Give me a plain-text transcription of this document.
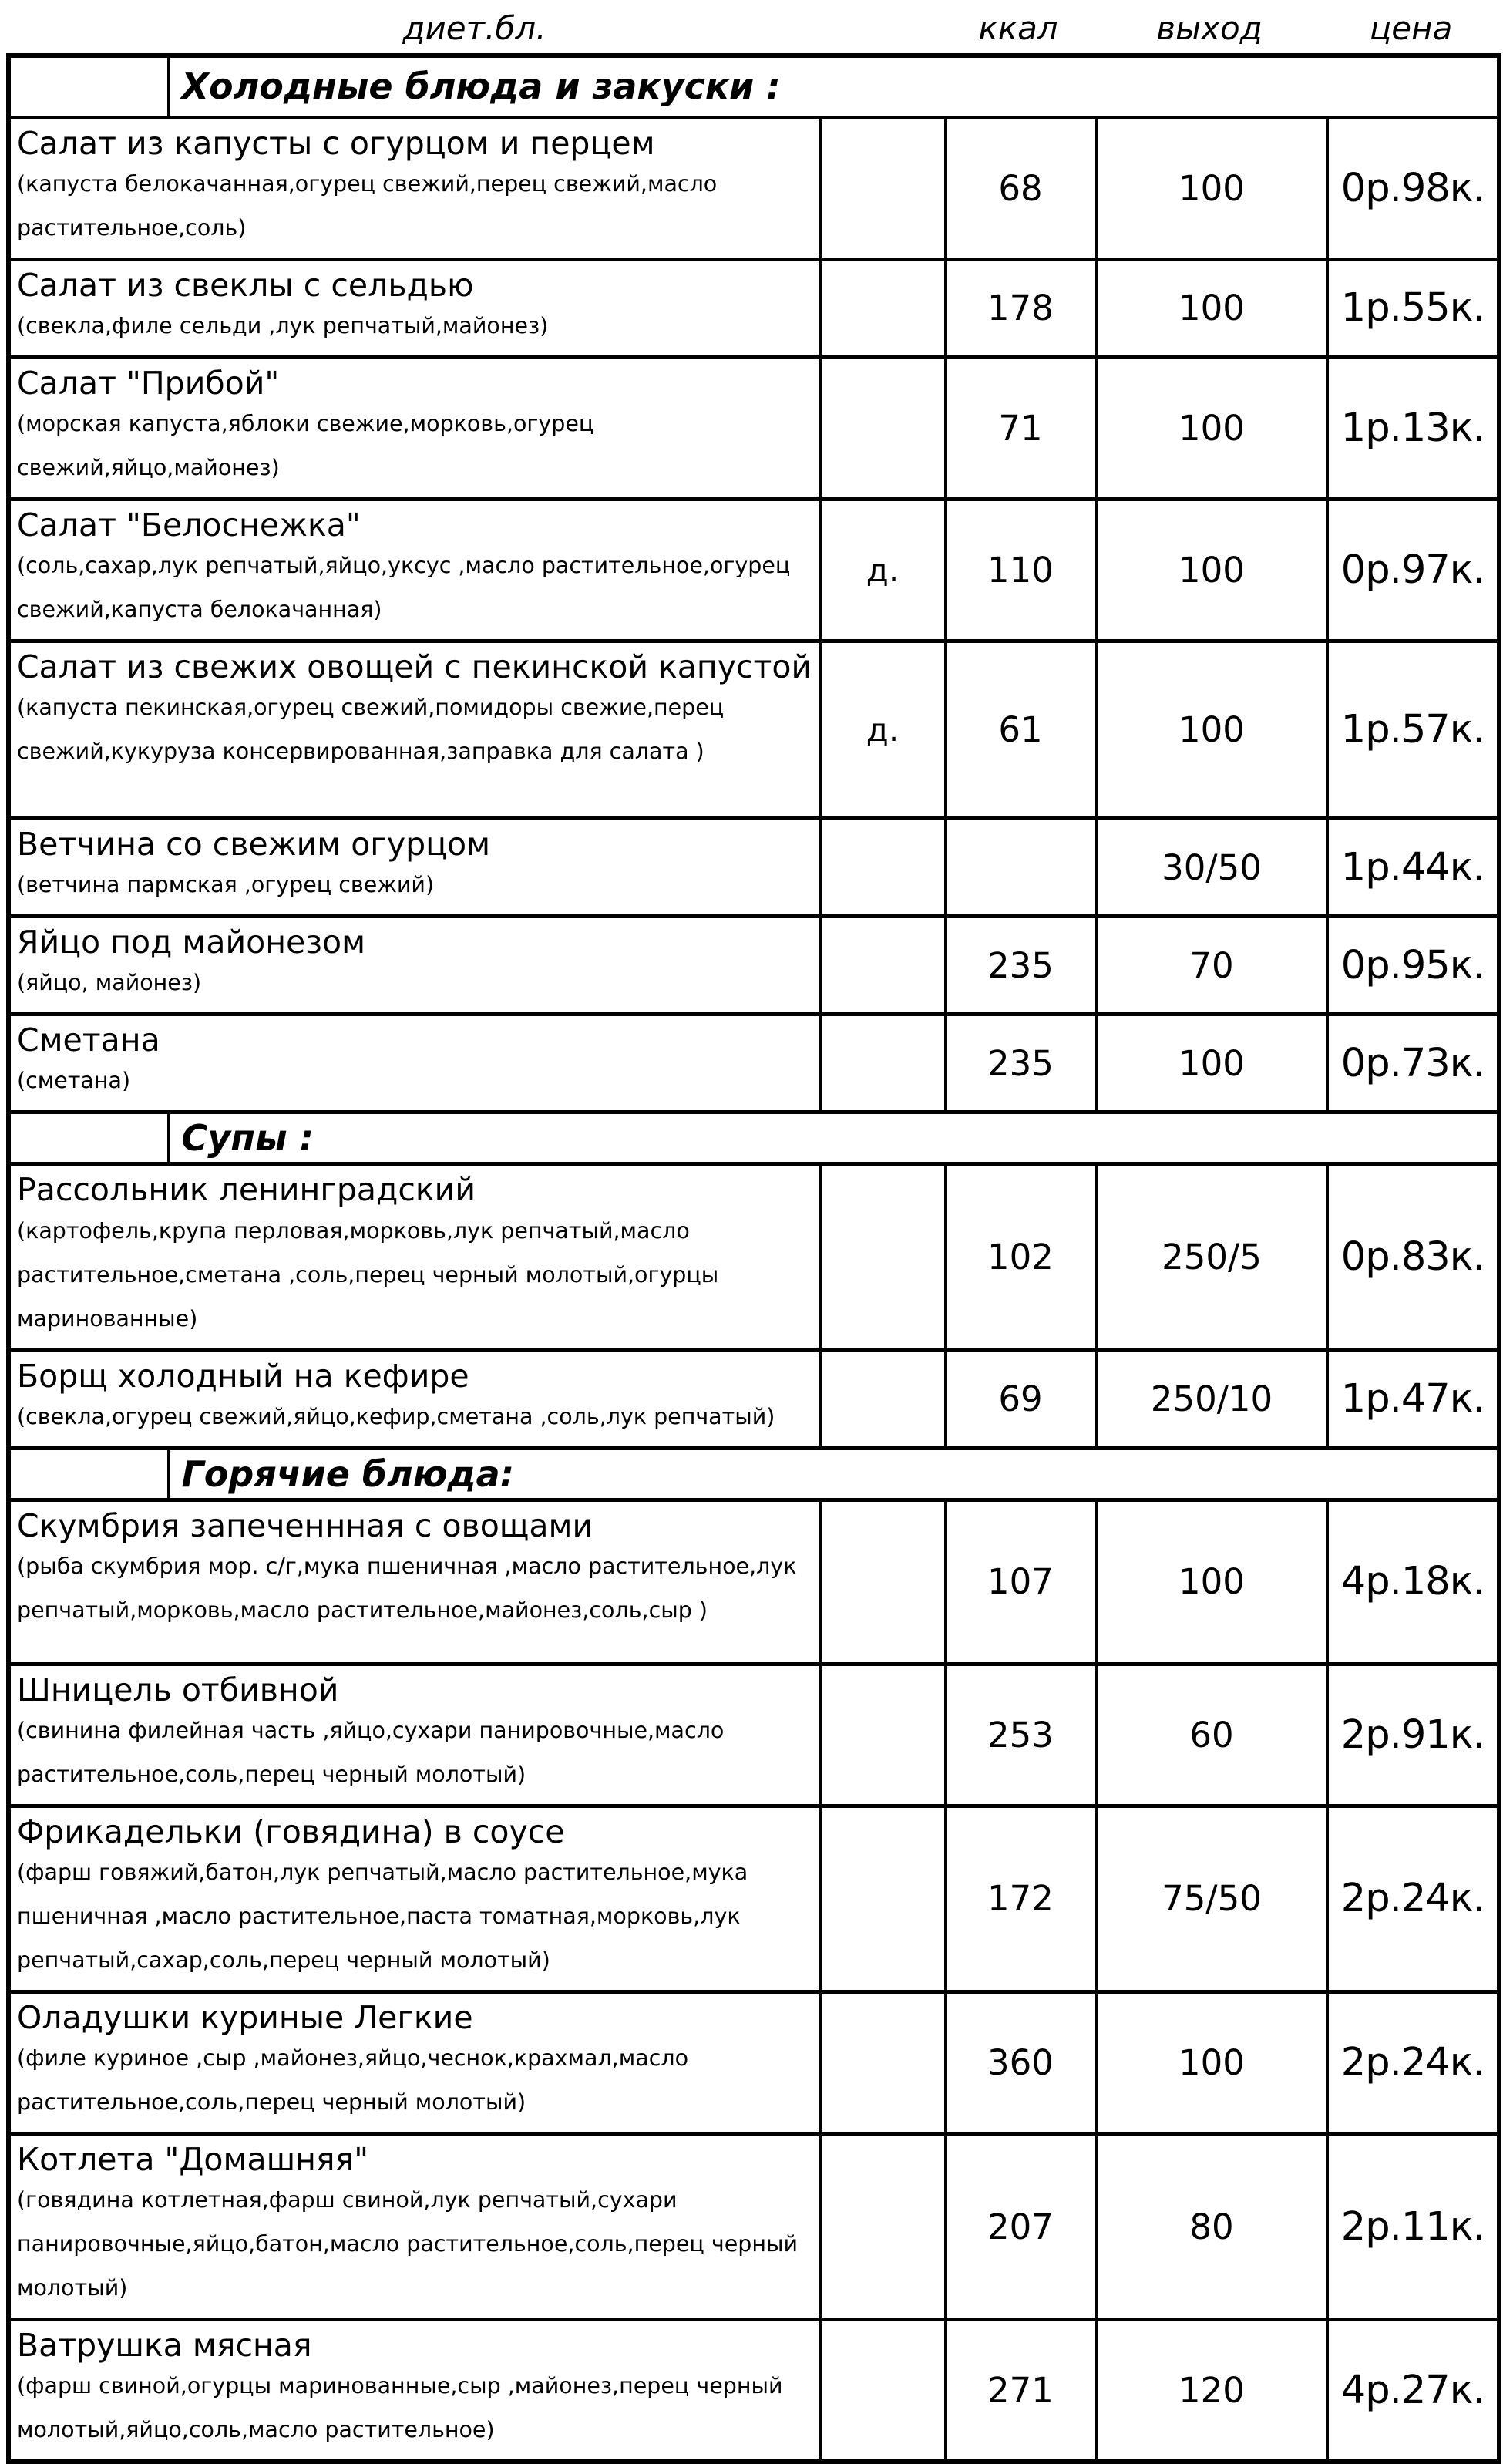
диет.бл.	ккал	выход	цена
	Холодные блюда и закуски :				

Салат из капусты с огурцом и перцем
(капуста белокачанная,огурец свежий,перец свежий,масло растительное,соль)			68	100	0р.98к.

Салат из свеклы с сельдью
(свекла,филе сельди ,лук репчатый,майонез)			178	100	1р.55к.

Салат "Прибой"
(морская капуста,яблоки свежие,морковь,огурец свежий,яйцо,майонез)			71	100	1р.13к.

Салат "Белоснежка"
(соль,сахар,лук репчатый,яйцо,уксус ,масло растительное,огурец свежий,капуста белокачанная)		д.	110	100	0р.97к.

Салат из свежих овощей с пекинской капустой
(капуста пекинская,огурец свежий,помидоры свежие,перец свежий,кукуруза консервированная,заправка для салата )		д.	61	100	1р.57к.

Ветчина со свежим огурцом
(ветчина пармская ,огурец свежий)				30/50	1р.44к.

Яйцо под майонезом
(яйцо, майонез)			235	70	0р.95к.

Сметана
(сметана)			235	100	0р.73к.
	Супы :				

Рассольник ленинградский
(картофель,крупа перловая,морковь,лук репчатый,масло растительное,сметана ,соль,перец черный молотый,огурцы маринованные)			102	250/5	0р.83к.

Борщ холодный на кефире
(свекла,огурец свежий,яйцо,кефир,сметана ,соль,лук репчатый)			69	250/10	1р.47к.
	Горячие блюда:				

Скумбрия запеченнная с овощами
(рыба скумбрия мор. с/г,мука пшеничная ,масло растительное,лук репчатый,морковь,масло растительное,майонез,соль,сыр )			107	100	4р.18к.

Шницель отбивной
(свинина филейная часть ,яйцо,сухари панировочные,масло растительное,соль,перец черный молотый)			253	60	2р.91к.

Фрикадельки (говядина) в соусе
(фарш говяжий,батон,лук репчатый,масло растительное,мука пшеничная ,масло растительное,паста томатная,морковь,лук репчатый,сахар,соль,перец черный молотый)			172	75/50	2р.24к.

Оладушки куриные Легкие
(филе куриное ,сыр ,майонез,яйцо,чеснок,крахмал,масло растительное,соль,перец черный молотый)			360	100	2р.24к.

Котлета "Домашняя"
(говядина котлетная,фарш свиной,лук репчатый,сухари панировочные,яйцо,батон,масло растительное,соль,перец черный молотый)			207	80	2р.11к.

Ватрушка мясная
(фарш свиной,огурцы маринованные,сыр ,майонез,перец черный молотый,яйцо,соль,масло растительное)			271	120	4р.27к.
